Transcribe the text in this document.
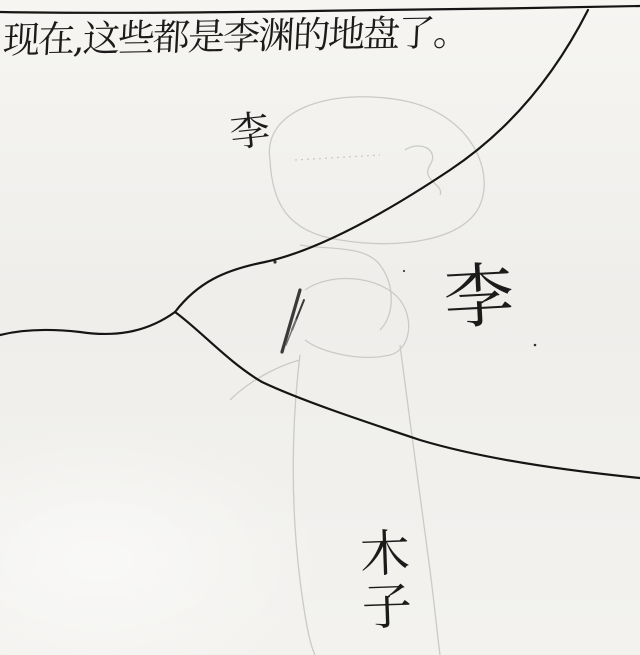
现在,这些都是李渊的地盘了。
李
李
木子
